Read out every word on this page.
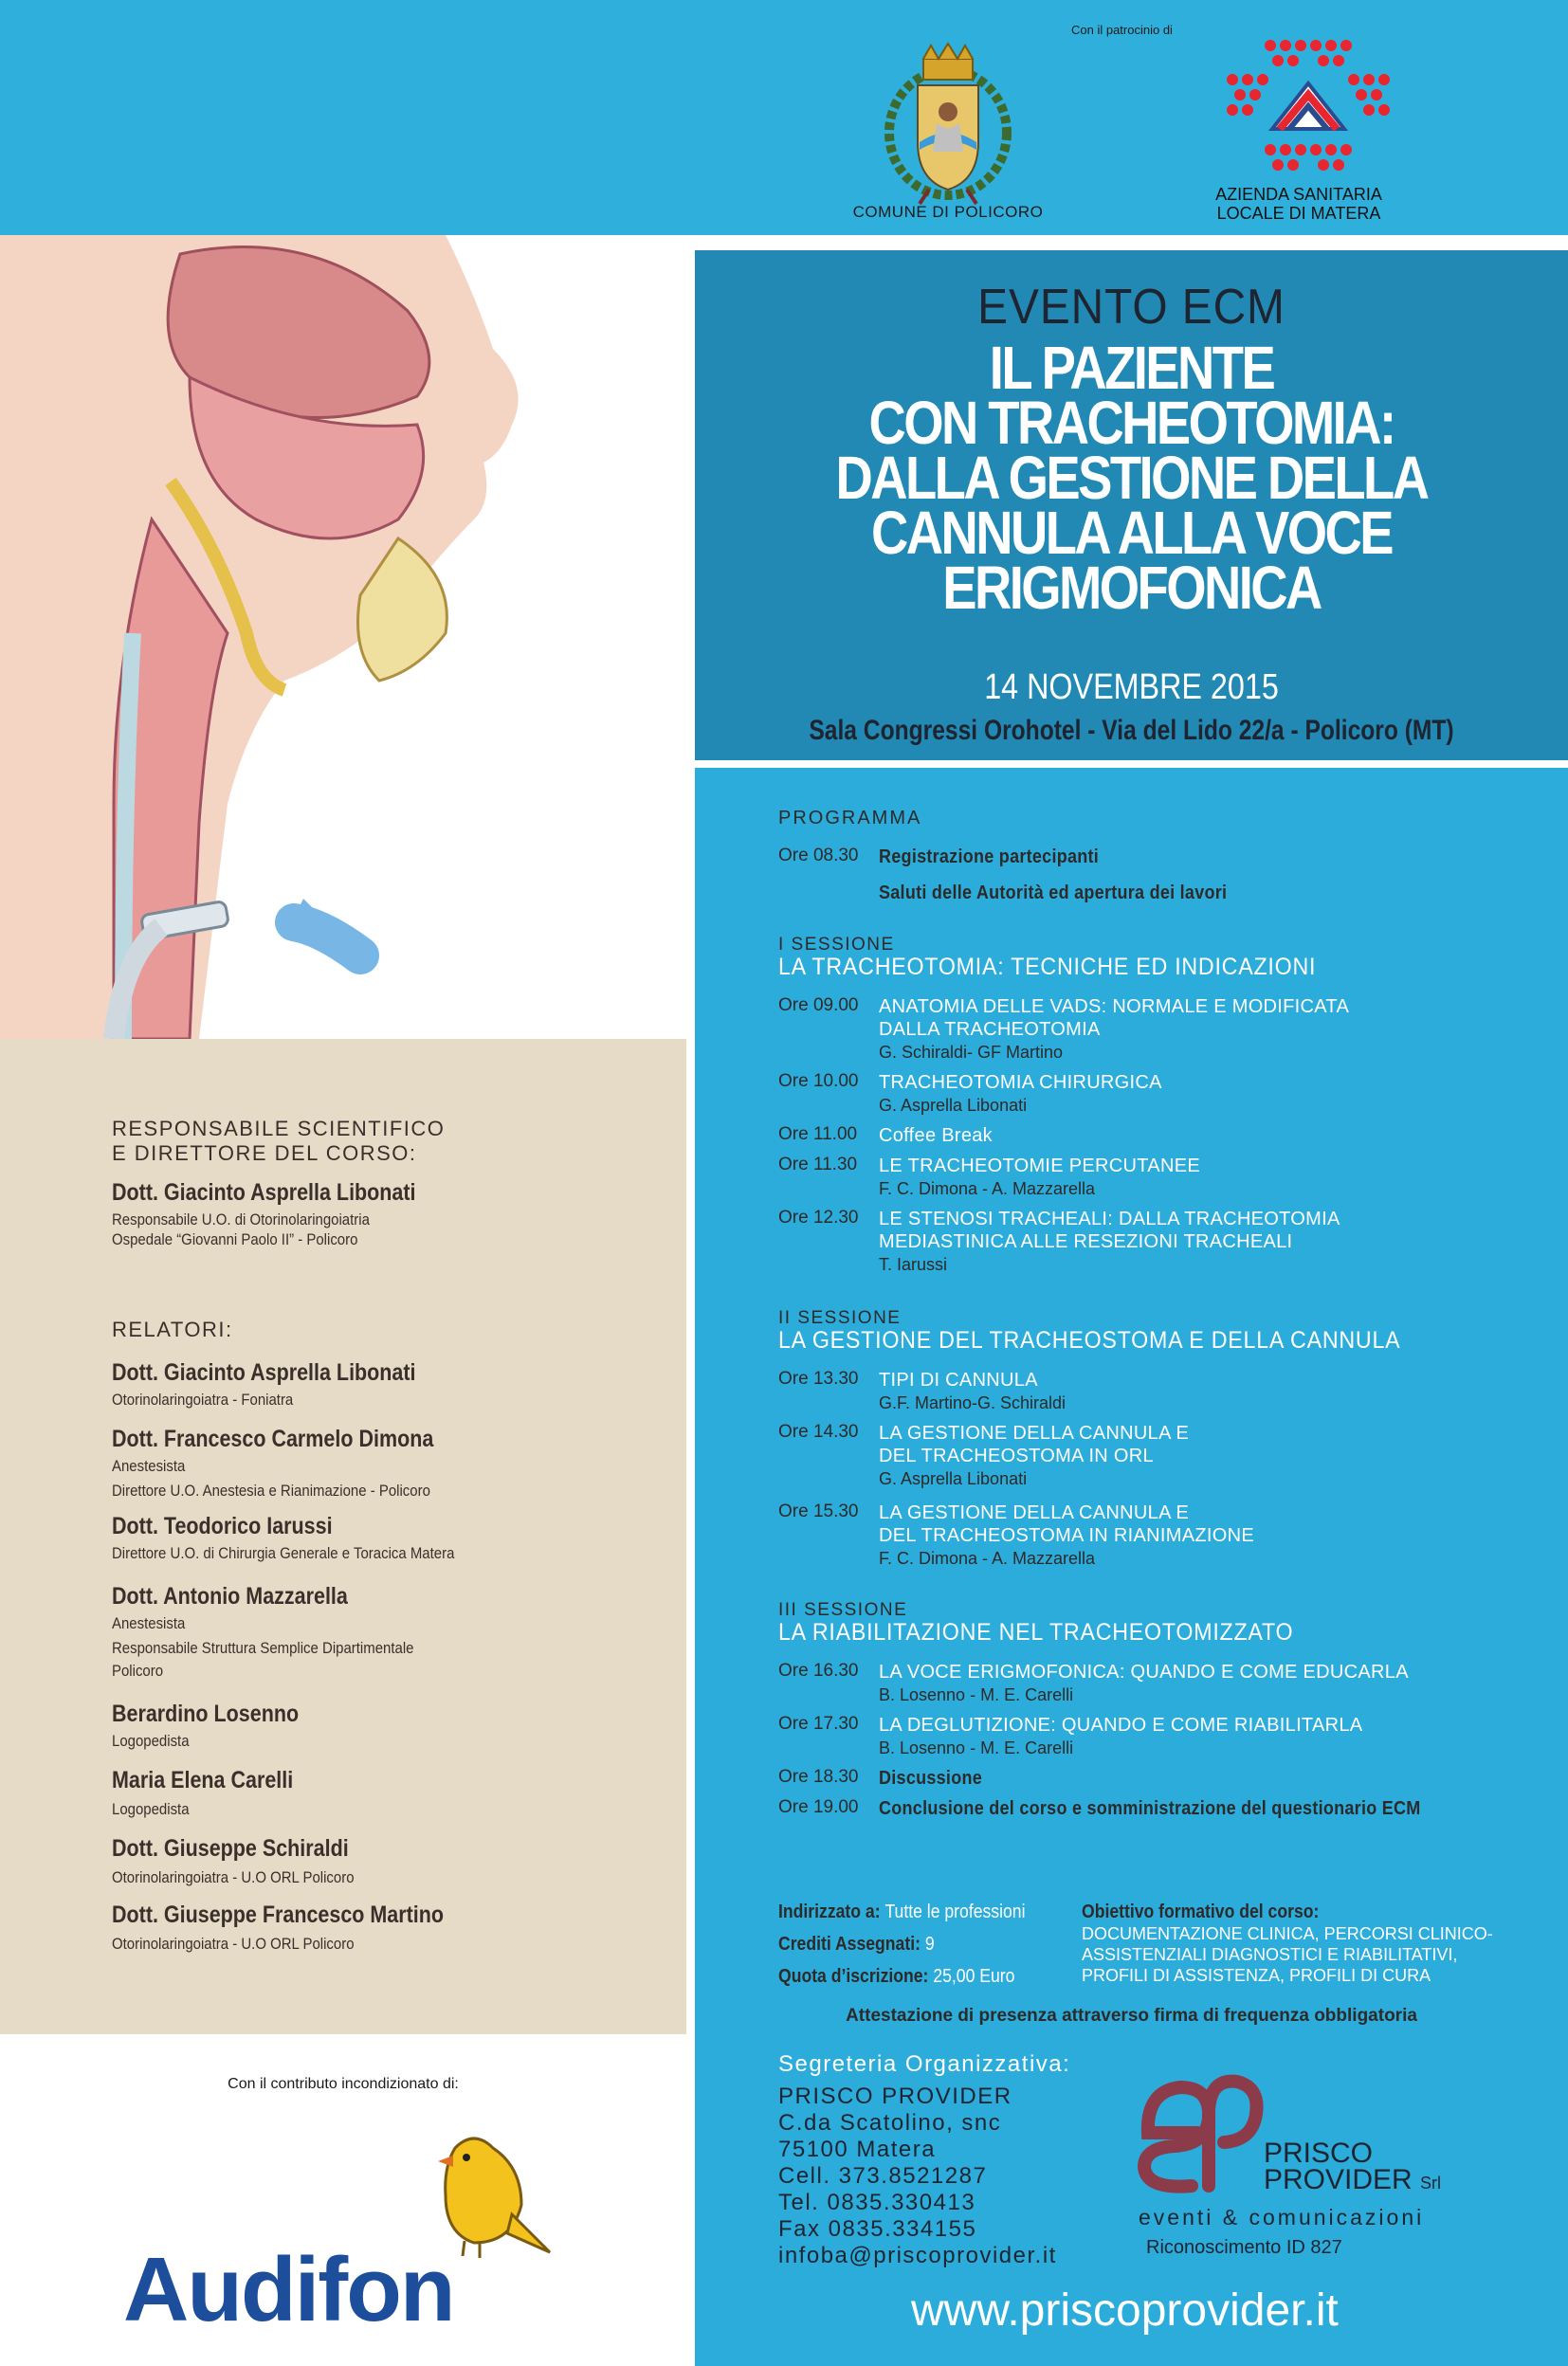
Con il patrocinio di
COMUNE DI POLICORO
AZIENDA SANITARIA
LOCALE DI MATERA
EVENTO ECM
IL PAZIENTE
CON TRACHEOTOMIA:
DALLA GESTIONE DELLA
CANNULA ALLA VOCE
ERIGMOFONICA
14 NOVEMBRE 2015
Sala Congressi Orohotel - Via del Lido 22/a - Policoro (MT)
RESPONSABILE SCIENTIFICO
E DIRETTORE DEL CORSO:
Dott. Giacinto Asprella Libonati
Responsabile U.O. di Otorinolaringoiatria
Ospedale “Giovanni Paolo II” - Policoro
RELATORI:
Dott. Giacinto Asprella Libonati
Otorinolaringoiatra - Foniatra
Dott. Francesco Carmelo Dimona
Anestesista
Direttore U.O. Anestesia e Rianimazione - Policoro
Dott. Teodorico Iarussi
Direttore U.O. di Chirurgia Generale e Toracica Matera
Dott. Antonio Mazzarella
Anestesista
Responsabile Struttura Semplice Dipartimentale
Policoro
Berardino Losenno
Logopedista
Maria Elena Carelli
Logopedista
Dott. Giuseppe Schiraldi
Otorinolaringoiatra - U.O ORL Policoro
Dott. Giuseppe Francesco Martino
Otorinolaringoiatra - U.O ORL Policoro
PROGRAMMA
Ore 08.30 Registrazione partecipanti
Saluti delle Autorità ed apertura dei lavori
I SESSIONE
LA TRACHEOTOMIA: TECNICHE ED INDICAZIONI
Ore 09.00 ANATOMIA DELLE VADS: NORMALE E MODIFICATA
DALLA TRACHEOTOMIA
G. Schiraldi- GF Martino
Ore 10.00 TRACHEOTOMIA CHIRURGICA
G. Asprella Libonati
Ore 11.00 Coffee Break
Ore 11.30 LE TRACHEOTOMIE PERCUTANEE
F. C. Dimona - A. Mazzarella
Ore 12.30 LE STENOSI TRACHEALI: DALLA TRACHEOTOMIA
MEDIASTINICA ALLE RESEZIONI TRACHEALI
T. Iarussi
II SESSIONE
LA GESTIONE DEL TRACHEOSTOMA E DELLA CANNULA
Ore 13.30 TIPI DI CANNULA
G.F. Martino-G. Schiraldi
Ore 14.30 LA GESTIONE DELLA CANNULA E
DEL TRACHEOSTOMA IN ORL
G. Asprella Libonati
Ore 15.30 LA GESTIONE DELLA CANNULA E
DEL TRACHEOSTOMA IN RIANIMAZIONE
F. C. Dimona - A. Mazzarella
III SESSIONE
LA RIABILITAZIONE NEL TRACHEOTOMIZZATO
Ore 16.30 LA VOCE ERIGMOFONICA: QUANDO E COME EDUCARLA
B. Losenno - M. E. Carelli
Ore 17.30 LA DEGLUTIZIONE: QUANDO E COME RIABILITARLA
B. Losenno - M. E. Carelli
Ore 18.30 Discussione
Ore 19.00 Conclusione del corso e somministrazione del questionario ECM
Indirizzato a: Tutte le professioni
Crediti Assegnati: 9
Quota d’iscrizione: 25,00 Euro
Obiettivo formativo del corso:
DOCUMENTAZIONE CLINICA, PERCORSI CLINICO-
ASSISTENZIALI DIAGNOSTICI E RIABILITATIVI,
PROFILI DI ASSISTENZA, PROFILI DI CURA
Attestazione di presenza attraverso firma di frequenza obbligatoria
Con il contributo incondizionato di:
Audifon
Segreteria Organizzativa:
PRISCO PROVIDER
C.da Scatolino, snc
75100 Matera
Cell. 373.8521287
Tel. 0835.330413
Fax 0835.334155
infoba@priscoprovider.it
PRISCO
PROVIDER Srl
eventi & comunicazioni
Riconoscimento ID 827
www.priscoprovider.it
